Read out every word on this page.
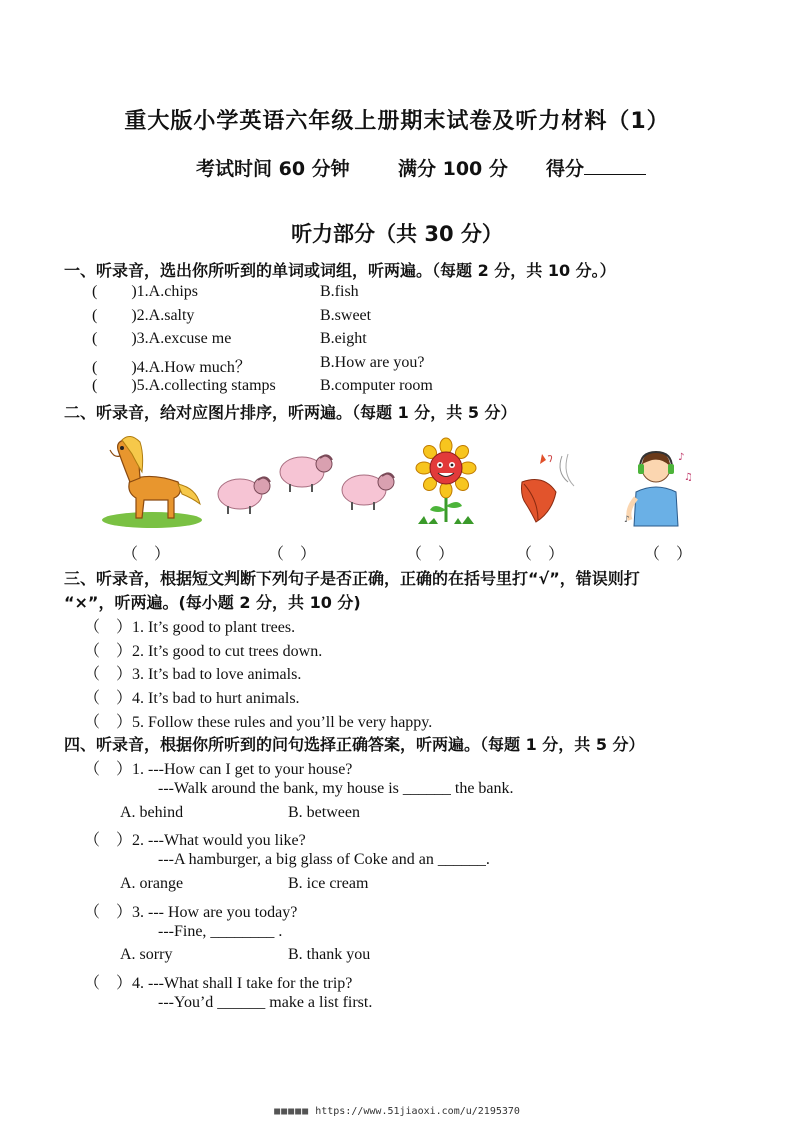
重大版小学英语六年级上册期末试卷及听力材料（1）
考试时间 60 分钟	满分 100 分 得分
听力部分（共 30 分）
一、听录音，选出你所听到的单词或词组，听两遍。（每题 2 分，共 10 分。）
( )1.A.chips	B.fish
( )2.A.salty	B.sweet
( )3.A.excuse me	B.eight
( )4.A.How much？	B.How are you?
( )5.A.collecting stamps	B.computer room
二、听录音，给对应图片排序，听两遍。（每题 1 分，共 5 分）
♪
♫
♪
（　）	（　）	（　）	（　）	（　）
三、听录音，根据短文判断下列句子是否正确，正确的在括号里打“√”，错误则打
“×”，听两遍。(每小题 2 分，共 10 分)
（　）1. It’s good to plant trees.
（　）2. It’s good to cut trees down.
（　）3. It’s bad to love animals.
（　）4. It’s bad to hurt animals.
（　）5. Follow these rules and you’ll be very happy.
四、听录音，根据你所听到的问句选择正确答案，听两遍。（每题 1 分，共 5 分）
（　）1. ---How can I get to your house?
---Walk around the bank, my house is ______ the bank.
A. behind	B. between
（　）2. ---What would you like?
---A hamburger, a big glass of Coke and an ______.
A. orange	B. ice cream
（　）3. --- How are you today?
---Fine, ________ .
A. sorry	B. thank you
（　）4. ---What shall I take for the trip?
---You’d ______ make a list first.
■■■■■ https://www.51jiaoxi.com/u/2195370
